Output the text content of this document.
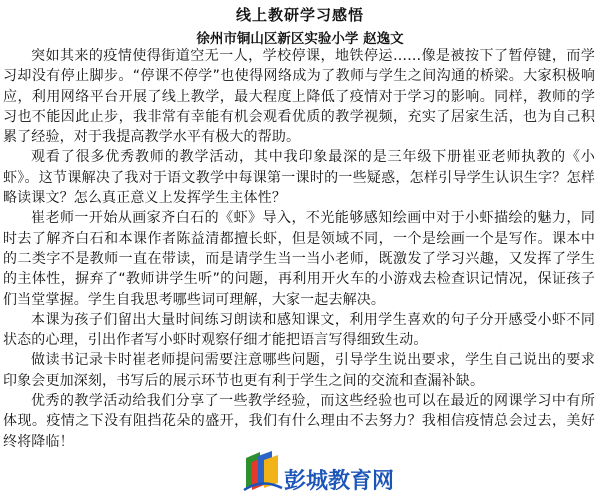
线上教研学习感悟
徐州市铜山区新区实验小学 赵逸文

突如其来的疫情使得街道空无一人，学校停课，地铁停运……像是被按下了暂停键，而学习却没有停止脚步。“停课不停学”也使得网络成为了教师与学生之间沟通的桥梁。大家积极响应，利用网络平台开展了线上教学，最大程度上降低了疫情对于学习的影响。同样，教师的学习也不能因此止步，我非常有幸能有机会观看优质的教学视频，充实了居家生活，也为自己积累了经验，对于我提高教学水平有极大的帮助。

观看了很多优秀教师的教学活动，其中我印象最深的是三年级下册崔亚老师执教的《小虾》。这节课解决了我对于语文教学中每课第一课时的一些疑惑，怎样引导学生认识生字？怎样略读课文？怎么真正意义上发挥学生主体性？

崔老师一开始从画家齐白石的《虾》导入，不光能够感知绘画中对于小虾描绘的魅力，同时去了解齐白石和本课作者陈益清都擅长虾，但是领域不同，一个是绘画一个是写作。课本中的二类字不是教师一直在带读，而是请学生当一当小老师，既激发了学习兴趣，又发挥了学生的主体性，摒弃了“教师讲学生听”的问题，再利用开火车的小游戏去检查识记情况，保证孩子们当堂掌握。学生自我思考哪些词可理解，大家一起去解决。

本课为孩子们留出大量时间练习朗读和感知课文，利用学生喜欢的句子分开感受小虾不同状态的心理，引出作者写小虾时观察仔细才能把语言写得细致生动。

做读书记录卡时崔老师提问需要注意哪些问题，引导学生说出要求，学生自己说出的要求印象会更加深刻，书写后的展示环节也更有利于学生之间的交流和查漏补缺。

优秀的教学活动给我们分享了一些教学经验，而这些经验也可以在最近的网课学习中有所体现。疫情之下没有阻挡花朵的盛开，我们有什么理由不去努力？我相信疫情总会过去，美好终将降临！

彭城教育网
